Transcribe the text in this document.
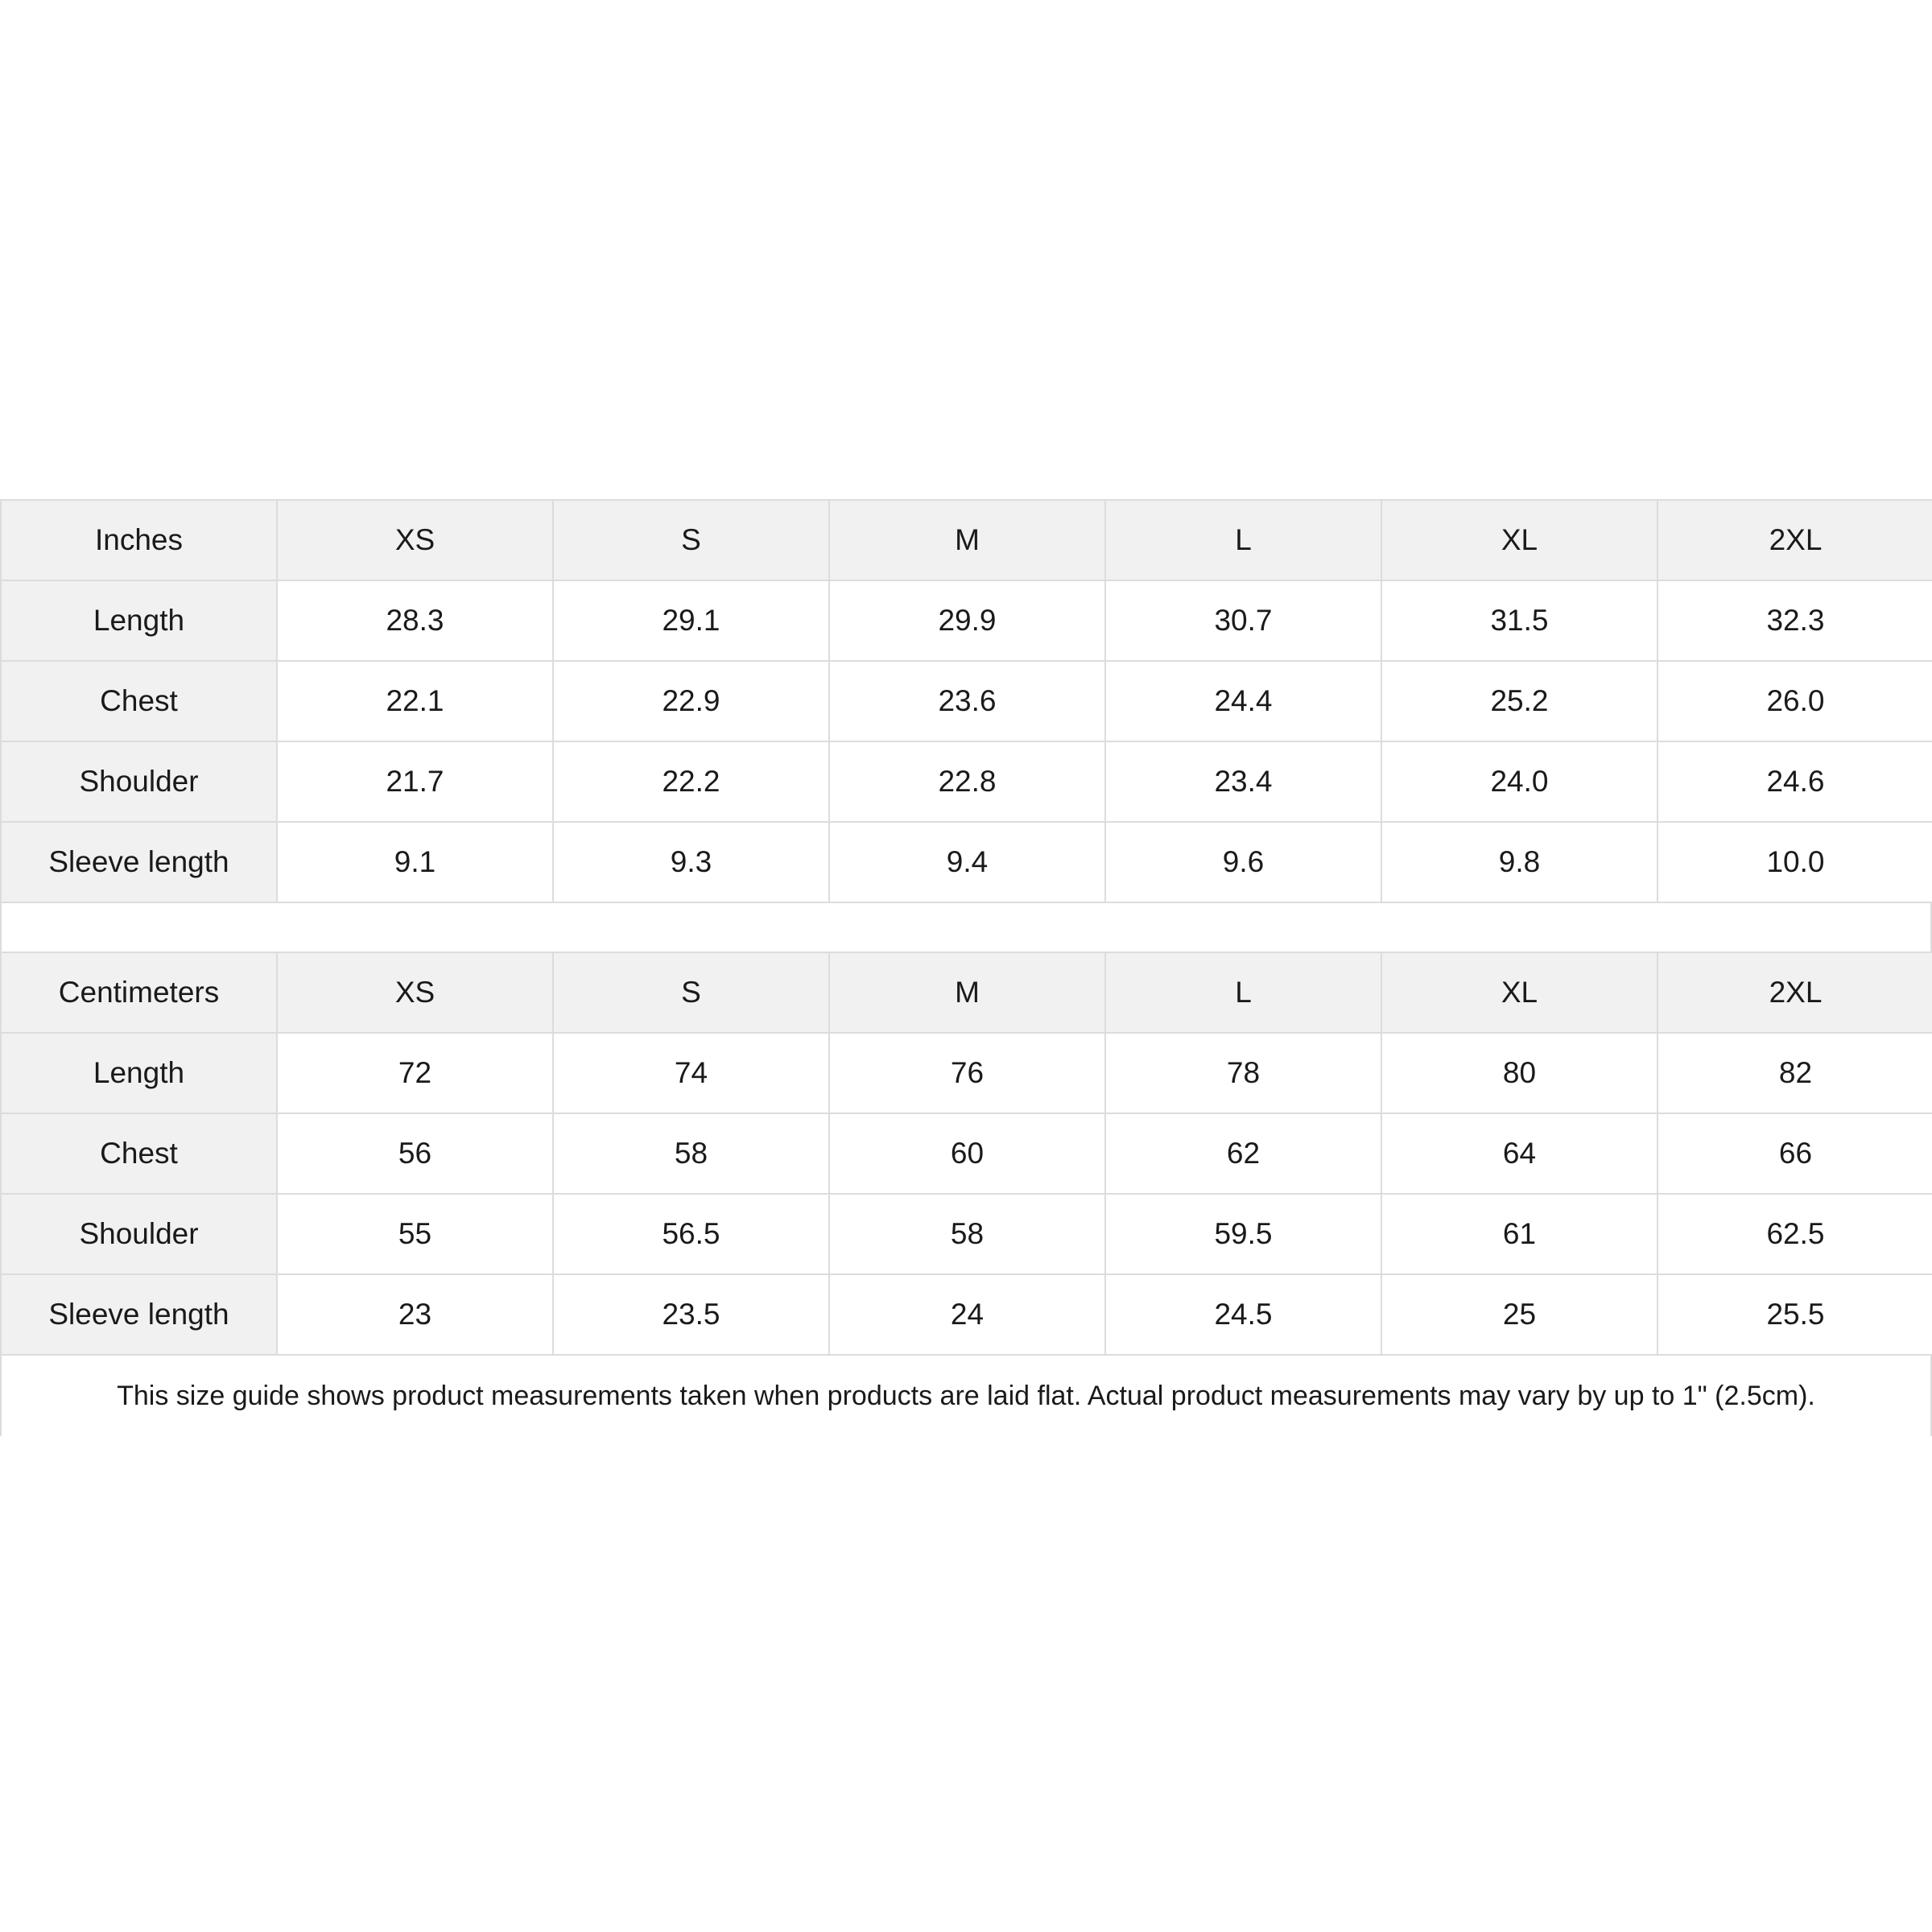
Inches	XS	S	M	L	XL	2XL
Length	28.3	29.1	29.9	30.7	31.5	32.3
Chest	22.1	22.9	23.6	24.4	25.2	26.0
Shoulder	21.7	22.2	22.8	23.4	24.0	24.6
Sleeve length	9.1	9.3	9.4	9.6	9.8	10.0
Centimeters	XS	S	M	L	XL	2XL
Length	72	74	76	78	80	82
Chest	56	58	60	62	64	66
Shoulder	55	56.5	58	59.5	61	62.5
Sleeve length	23	23.5	24	24.5	25	25.5
This size guide shows product measurements taken when products are laid flat. Actual product measurements may vary by up to 1" (2.5cm).
